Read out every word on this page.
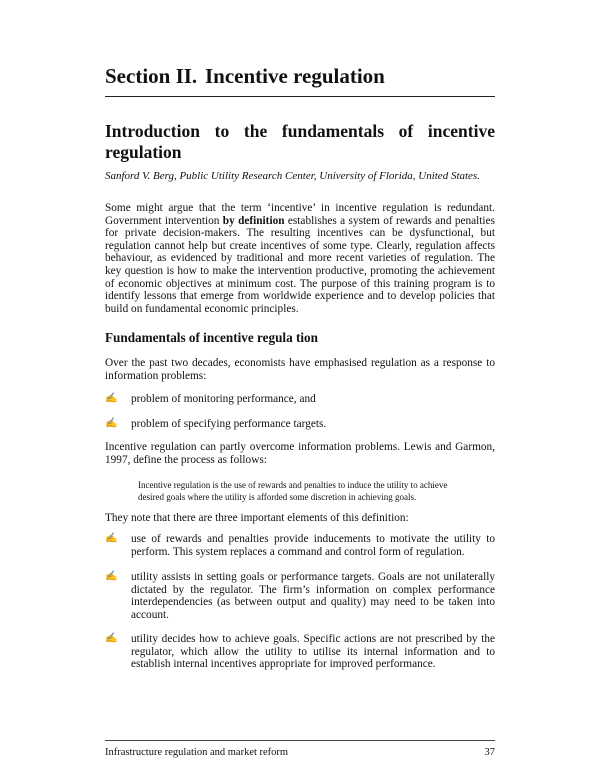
Section II. Incentive regulation
Introduction to the fundamentals of incentive regulation

Sanford V. Berg, Public Utility Research Center, University of Florida, United States.

Some might argue that the term ‘incentive’ in incentive regulation is redundant. Government intervention by definition establishes a system of rewards and penalties for private decision-makers. The resulting incentives can be dysfunctional, but regulation cannot help but create incentives of some type. Clearly, regulation affects behaviour, as evidenced by traditional and more recent varieties of regulation. The key question is how to make the intervention productive, promoting the achievement of economic objectives at minimum cost. The purpose of this training program is to identify lessons that emerge from worldwide experience and to develop policies that build on fundamental economic principles.

Fundamentals of incentive regula tion

Over the past two decades, economists have emphasised regulation as a response to information problems:

✍ problem of monitoring performance, and
✍ problem of specifying performance targets.

Incentive regulation can partly overcome information problems. Lewis and Garmon, 1997, define the process as follows:

Incentive regulation is the use of rewards and penalties to induce the utility to achieve
desired goals where the utility is afforded some discretion in achieving goals.

They note that there are three important elements of this definition:

✍ use of rewards and penalties provide inducements to motivate the utility to perform. This system replaces a command and control form of regulation.
✍ utility assists in setting goals or performance targets. Goals are not unilaterally dictated by the regulator. The firm’s information on complex performance interdependencies (as between output and quality) may need to be taken into account.
✍ utility decides how to achieve goals. Specific actions are not prescribed by the regulator, which allow the utility to utilise its internal information and to establish internal incentives appropriate for improved performance.
Infrastructure regulation and market reform	37
